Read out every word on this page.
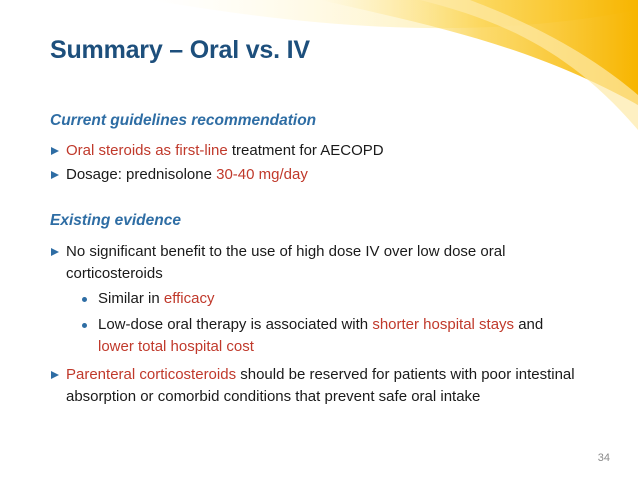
Summary – Oral vs. IV
Current guidelines recommendation
Oral steroids as first-line treatment for AECOPD
Dosage: prednisolone 30-40 mg/day
Existing evidence
No significant benefit to the use of high dose IV over low dose oral corticosteroids
Similar in efficacy
Low-dose oral therapy is associated with shorter hospital stays and
lower total hospital cost
Parenteral corticosteroids should be reserved for patients with poor intestinal absorption or comorbid conditions that prevent safe oral intake
34
